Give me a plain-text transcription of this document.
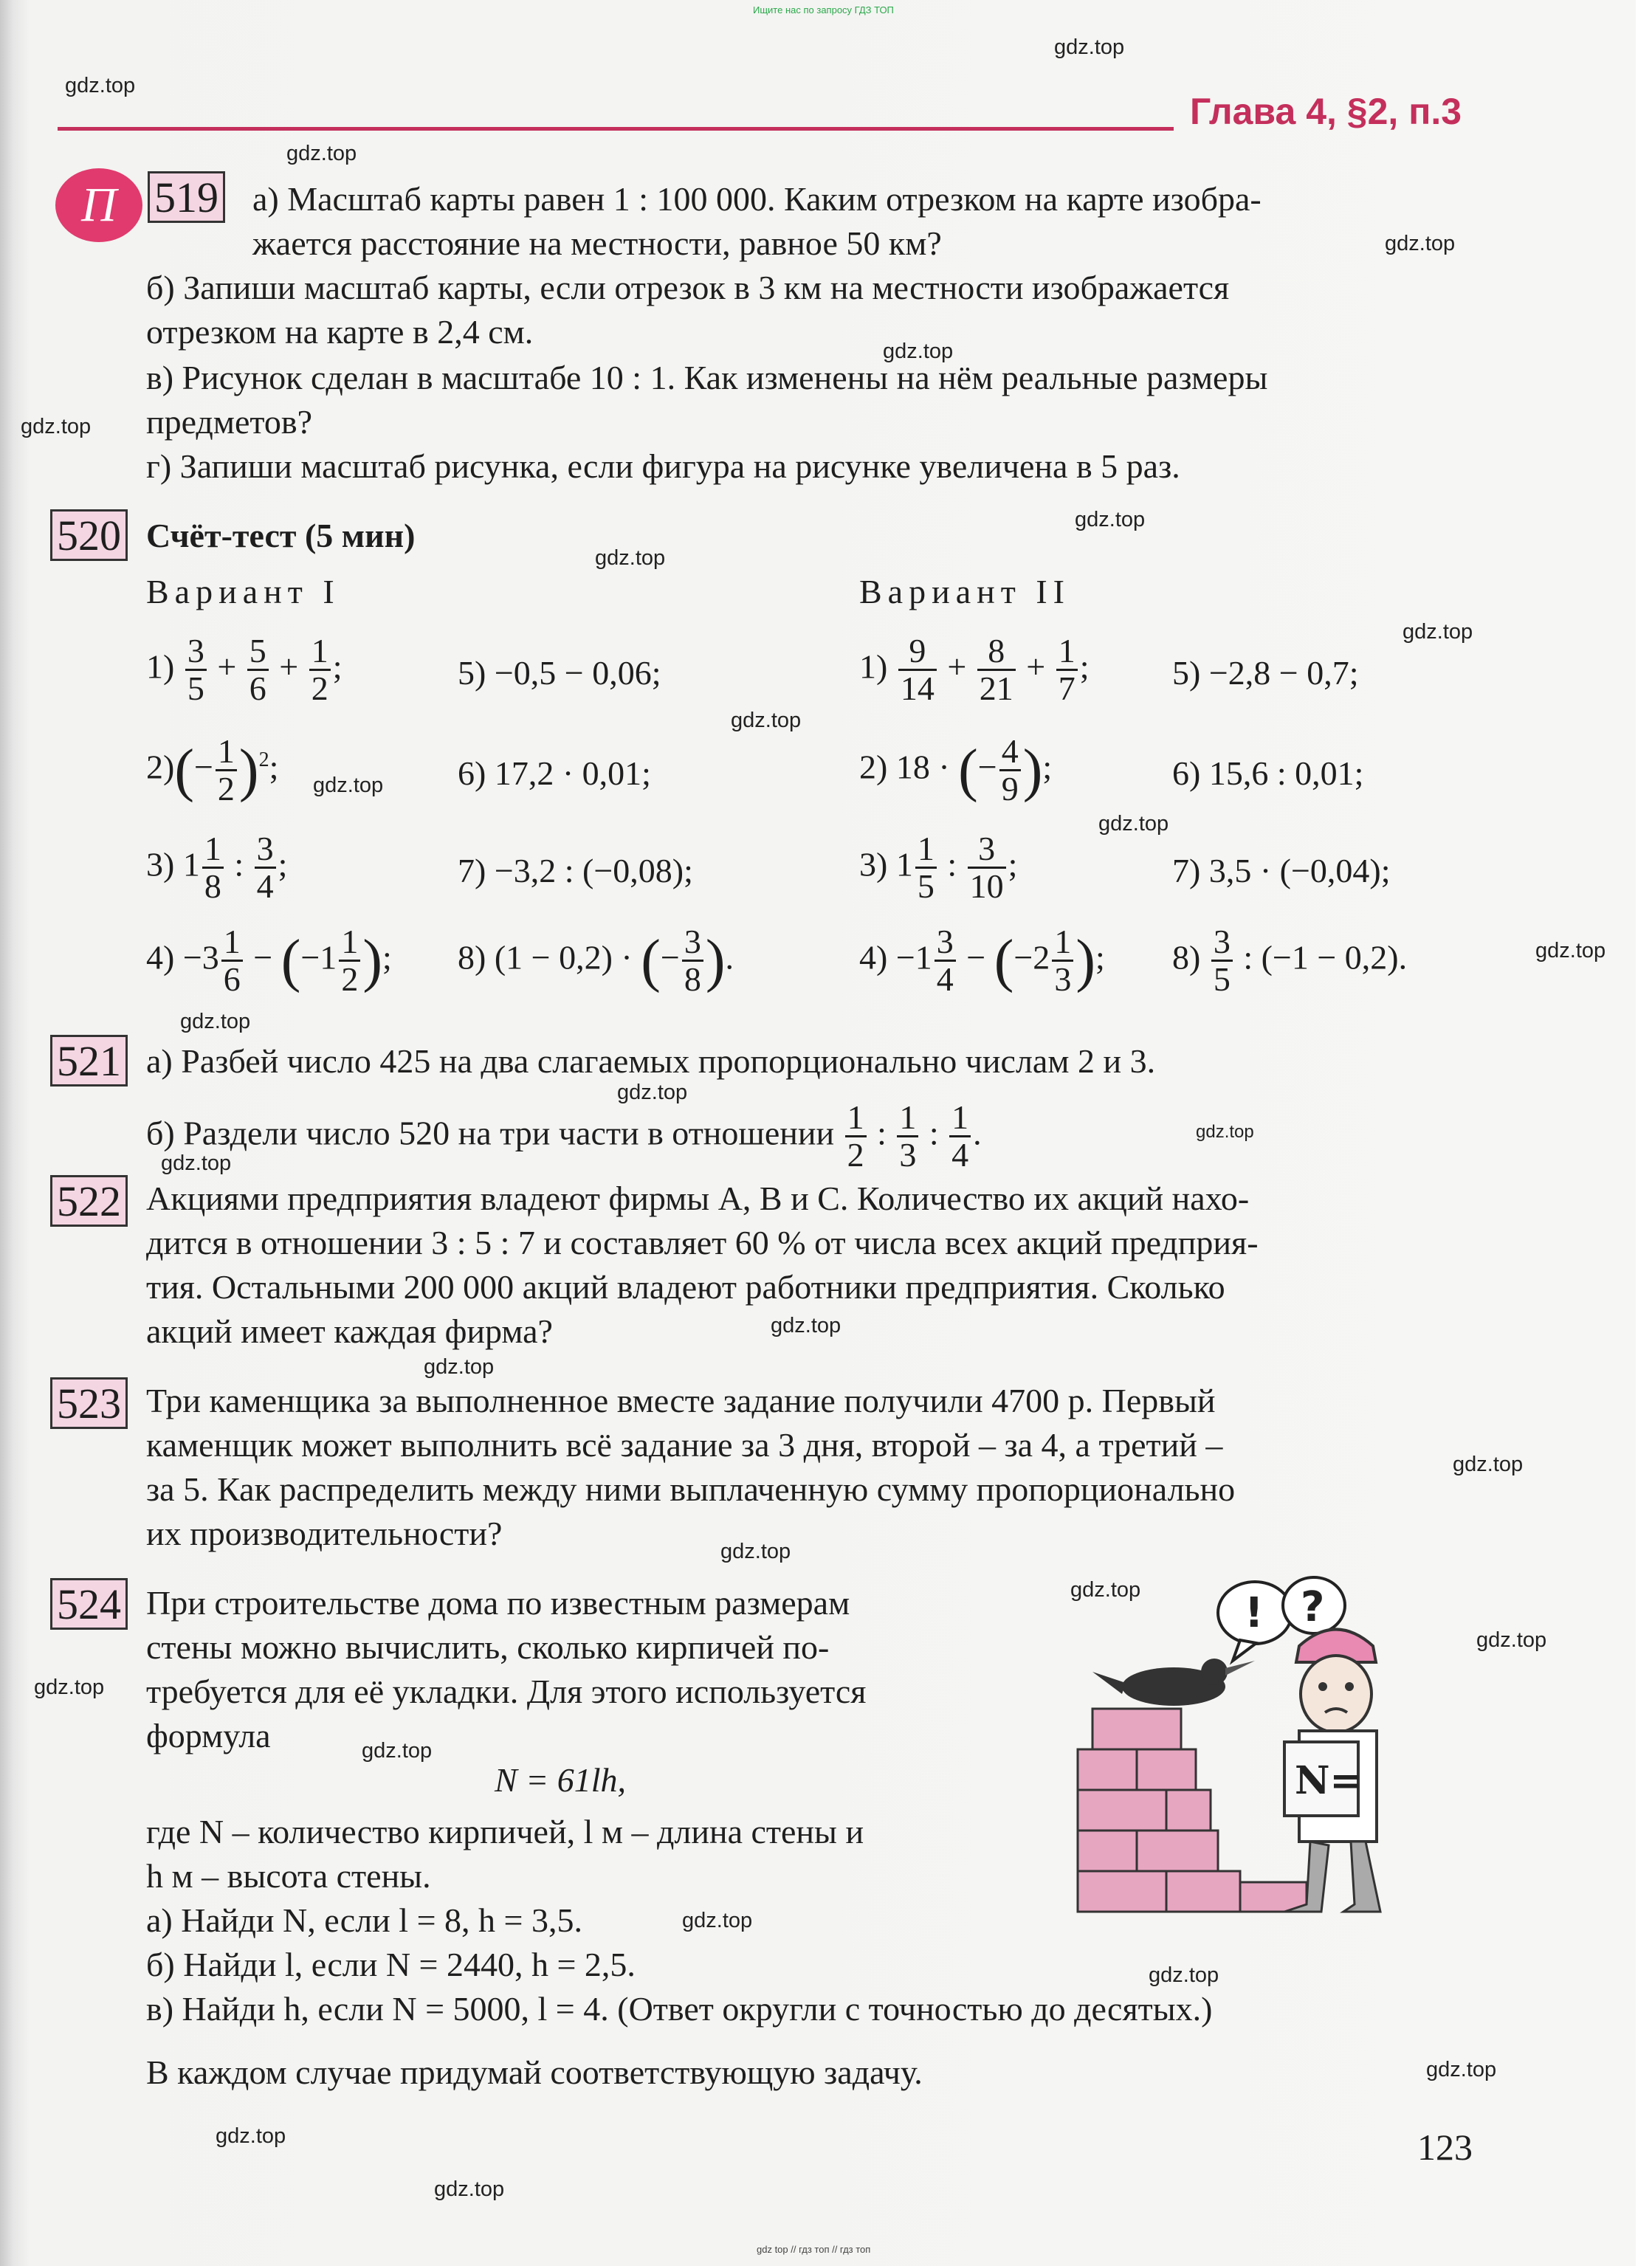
Ищите нас по запросу ГДЗ ТОП
gdz top // гдз топ // гдз топ
gdz.top
gdz.top
gdz.top
gdz.top
gdz.top
gdz.top
gdz.top
gdz.top
gdz.top
gdz.top
gdz.top
gdz.top
gdz.top
gdz.top
gdz.top
gdz.top
gdz.top
gdz.top
gdz.top
gdz.top
gdz.top
gdz.top
gdz.top
gdz.top
gdz.top
gdz.top
gdz.top
gdz.top
gdz.top
gdz.top
Глава 4, §2, п.3
П 519 а) Масштаб карты равен 1 : 100 000. Каким отрезком на карте изобра-
жается расстояние на местности, равное 50 км?
б) Запиши масштаб карты, если отрезок в 3 км на местности изображается
отрезком на карте в 2,4 см.
в) Рисунок сделан в масштабе 10 : 1. Как изменены на нём реальные размеры
предметов?
г) Запиши масштаб рисунка, если фигура на рисунке увеличена в 5 раз.
520 Счёт-тест (5 мин)
Вариант I	Вариант II
$1) \frac{3}{5} + \frac{5}{6} + \frac{1}{2}$ ;	5) −0,5 − 0,06;
$2)(- \frac{1}{2} )^2$;	6) 17,2 · 0,01;
3) $1 \frac{1}{8}$ : $\frac{3}{4}$ ;	7) −3,2 : (−0,08);
$4) -3 \frac{1}{6} - (-1 \frac{1}{2}$ ); 8) (1 − 0,2) · (− $\frac{3}{8}$ ).
$1) \frac{9}{14} + \frac{8}{21} + \frac{1}{7}$ ; 5) −2,8 − 0,7;
2) 18 · (− $\frac{4}{9}$ );	6) 15,6 : 0,01;
3) $1 \frac{1}{5}$ : $\frac{3}{10}$ ;	7) 3,5 · (−0,04);
$4) -1 \frac{3}{4} - (-2 \frac{1}{3}$ ); $8) \frac{3}{5}$ : (−1 − 0,2).
521 а) Разбей число 425 на два слагаемых пропорционально числам 2 и 3.
б) Раздели число 520 на три части в отношении $\frac{1}{2}$ : $\frac{1}{3}$ : $\frac{1}{4}$ .
522 Акциями предприятия владеют фирмы A, B и C. Количество их акций нахо-
дится в отношении 3 : 5 : 7 и составляет 60 % от числа всех акций предприя-
тия. Остальными 200 000 акций владеют работники предприятия. Сколько
акций имеет каждая фирма?
523 Три каменщика за выполненное вместе задание получили 4700 р. Первый
каменщик может выполнить всё задание за 3 дня, второй – за 4, а третий –
за 5. Как распределить между ними выплаченную сумму пропорционально
их производительности?
524 При строительстве дома по известным размерам
стены можно вычислить, сколько кирпичей по-
требуется для её укладки. Для этого используется
формула
N = 61lh,
где N – количество кирпичей, l м – длина стены и
h м – высота стены.
а) Найди N, если l = 8, h = 3,5.
б) Найди l, если N = 2440, h = 2,5.
в) Найди h, если N = 5000, l = 4. (Ответ округли с точностью до десятых.)
В каждом случае придумай соответствующую задачу.
! ?
N=
123
